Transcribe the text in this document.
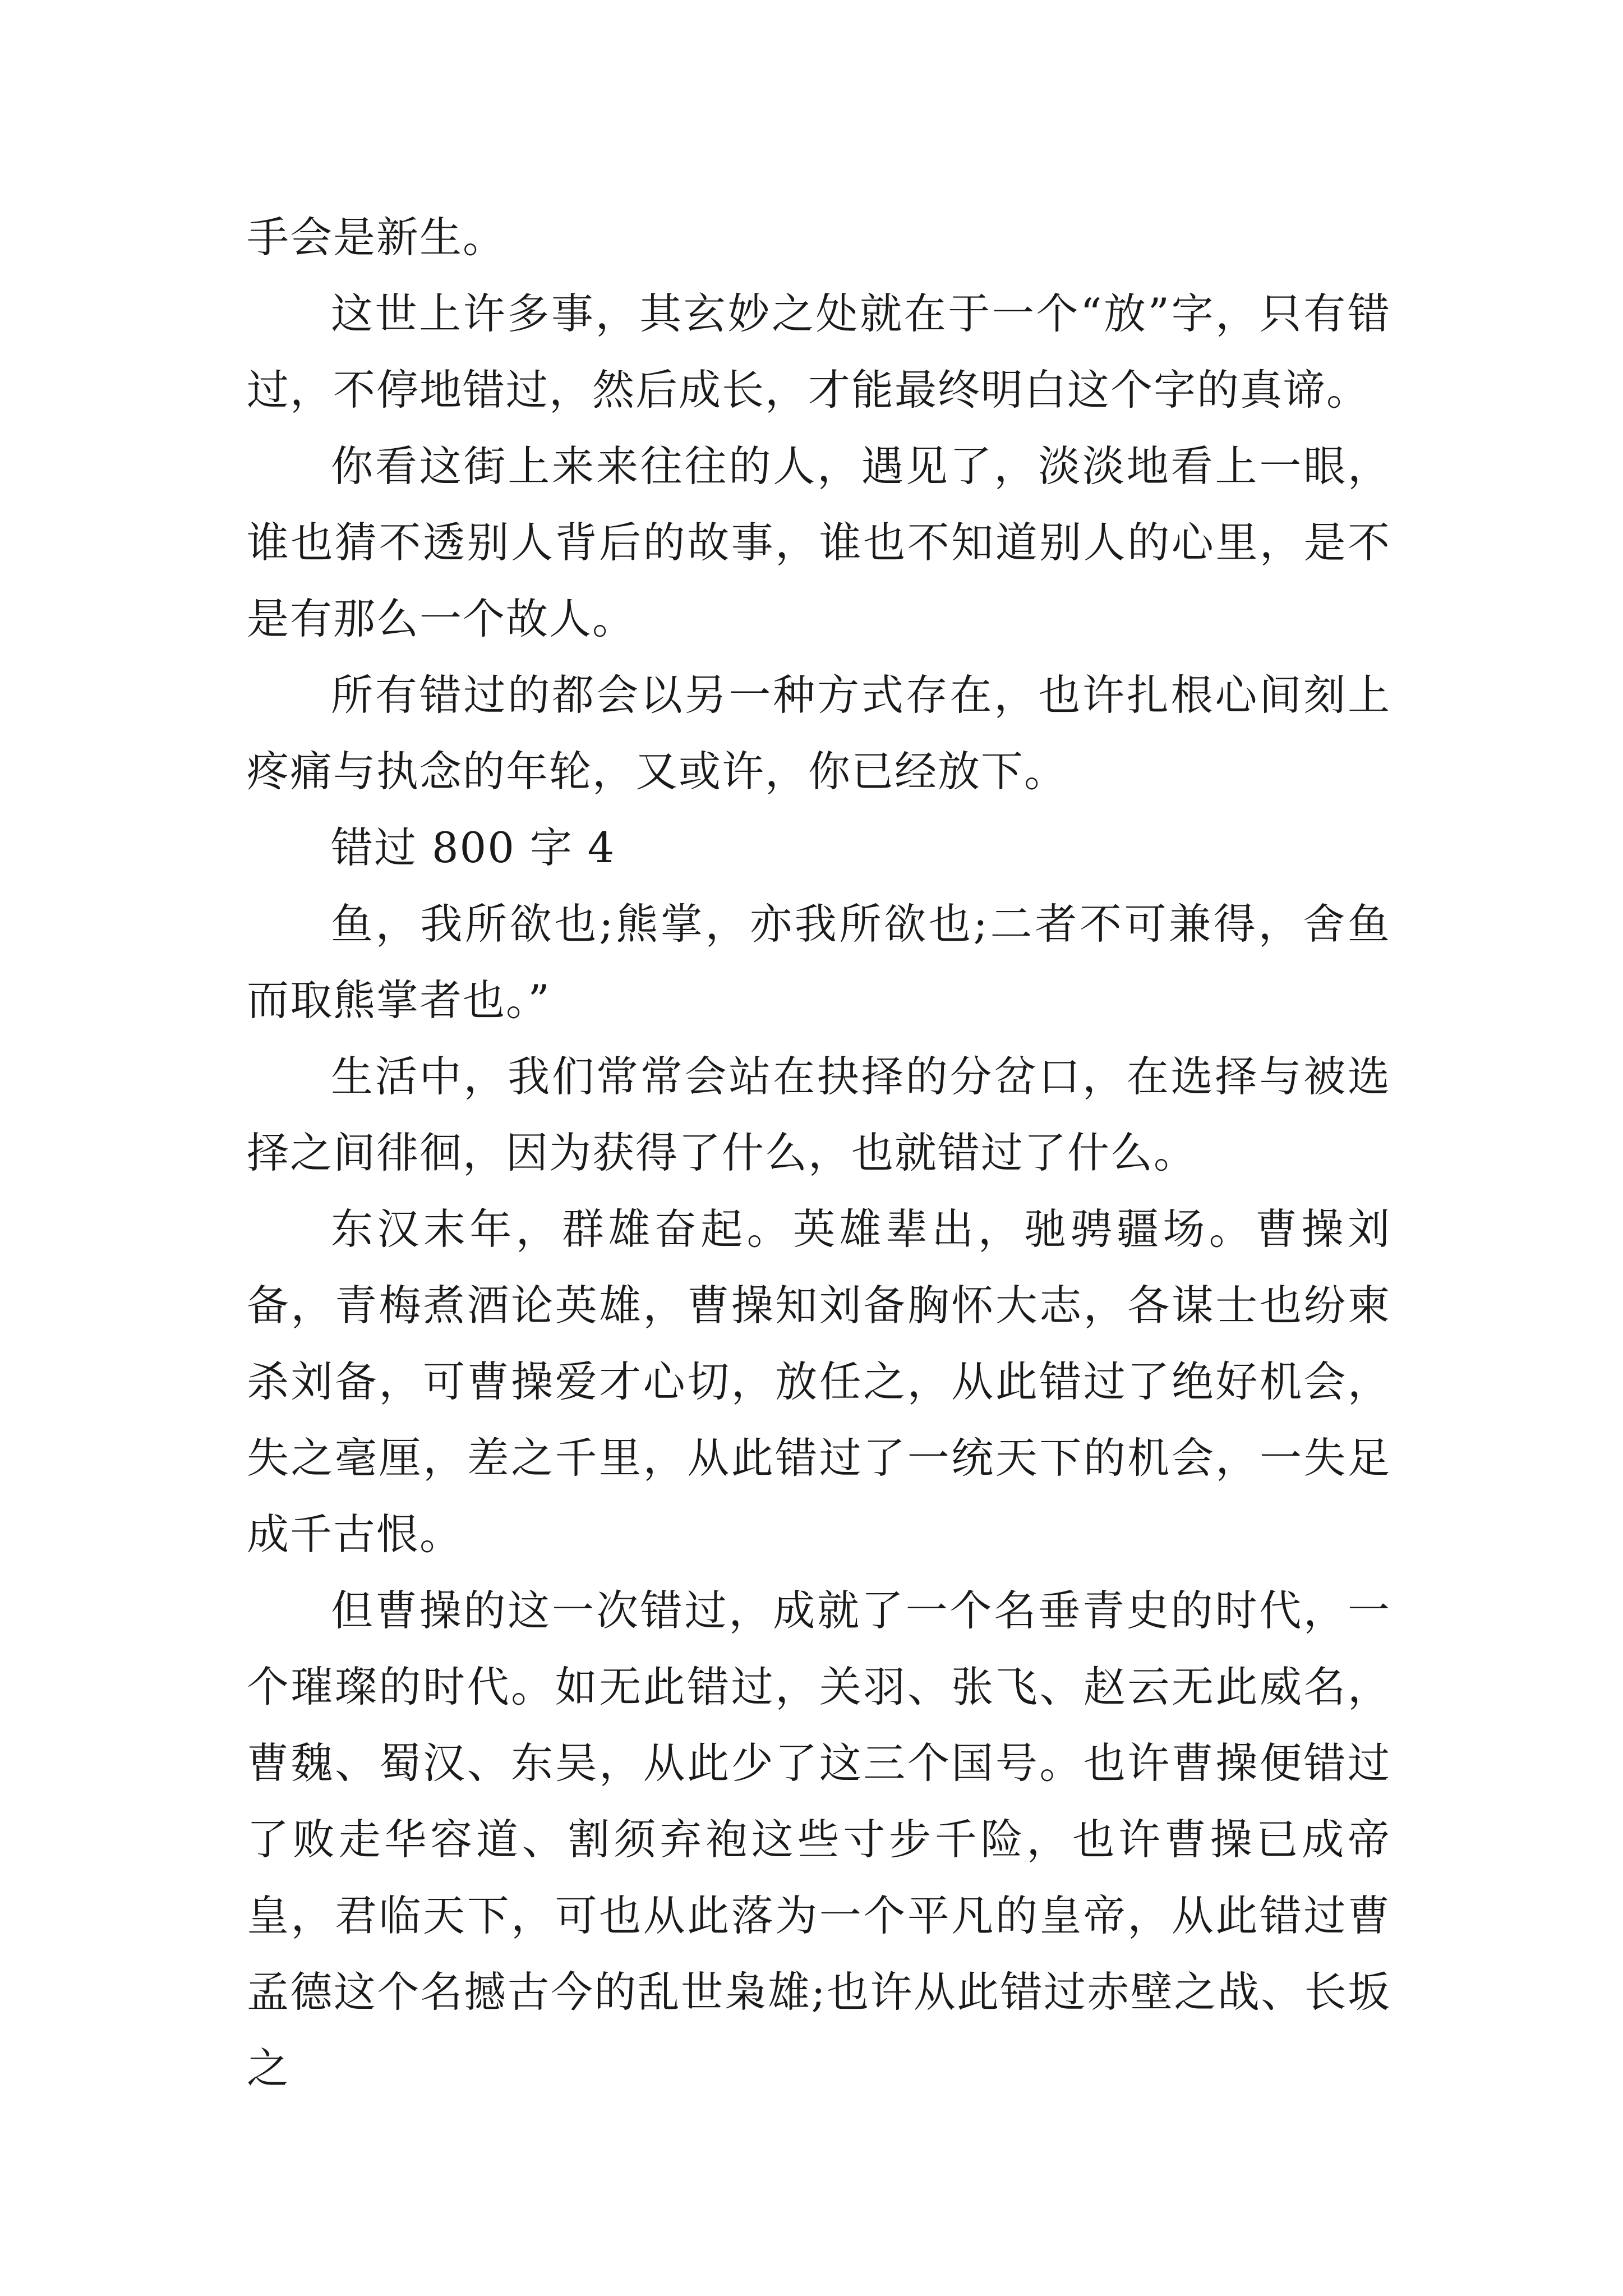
手会是新生。

这世上许多事，其玄妙之处就在于一个“放”字，只有错过，不停地错过，然后成长，才能最终明白这个字的真谛。

你看这街上来来往往的人，遇见了，淡淡地看上一眼，谁也猜不透别人背后的故事，谁也不知道别人的心里，是不是有那么一个故人。

所有错过的都会以另一种方式存在，也许扎根心间刻上疼痛与执念的年轮，又或许，你已经放下。

错过 800 字 4

鱼，我所欲也;熊掌，亦我所欲也;二者不可兼得，舍鱼而取熊掌者也。”

生活中，我们常常会站在抉择的分岔口，在选择与被选择之间徘徊，因为获得了什么，也就错过了什么。

东汉末年，群雄奋起。英雄辈出，驰骋疆场。曹操刘备，青梅煮酒论英雄，曹操知刘备胸怀大志，各谋士也纷柬杀刘备，可曹操爱才心切，放任之，从此错过了绝好机会，失之毫厘，差之千里，从此错过了一统天下的机会，一失足成千古恨。

但曹操的这一次错过，成就了一个名垂青史的时代，一个璀璨的时代。如无此错过，关羽、张飞、赵云无此威名，曹魏、蜀汉、东吴，从此少了这三个国号。也许曹操便错过了败走华容道、割须弃袍这些寸步千险，也许曹操已成帝皇，君临天下，可也从此落为一个平凡的皇帝，从此错过曹孟德这个名撼古今的乱世枭雄;也许从此错过赤壁之战、长坂之
